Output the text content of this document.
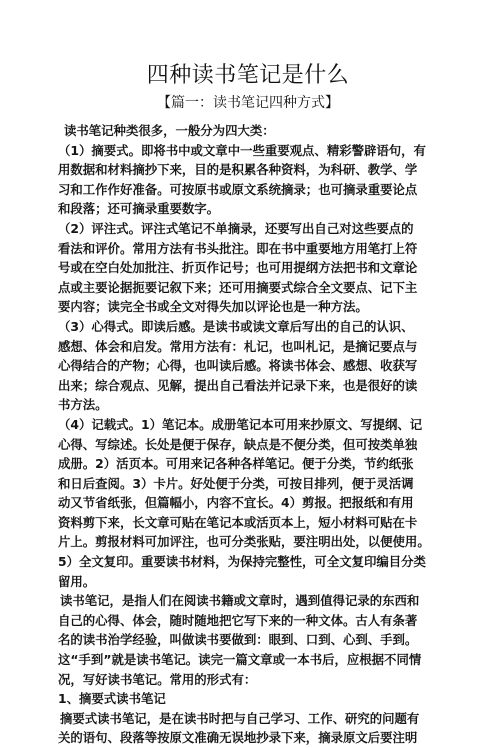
四种读书笔记是什么
【篇一：读书笔记四种方式】
读书笔记种类很多，一般分为四大类：
（1）摘要式。即将书中或文章中一些重要观点、精彩警辟语句，有
用数据和材料摘抄下来，目的是积累各种资料，为科研、教学、学
习和工作作好准备。可按原书或原文系统摘录；也可摘录重要论点
和段落；还可摘录重要数字。
（2）评注式。评注式笔记不单摘录，还要写出自己对这些要点的
看法和评价。常用方法有书头批注。即在书中重要地方用笔打上符
号或在空白处加批注、折页作记号；也可用提纲方法把书和文章论
点或主要论据扼要记叙下来；还可用摘要式综合全文要点、记下主
要内容；读完全书或全文对得失加以评论也是一种方法。
（3）心得式。即读后感。是读书或读文章后写出的自己的认识、
感想、体会和启发。常用方法有：札记，也叫札记，是摘记要点与
心得结合的产物；心得，也叫读后感。将读书体会、感想、收获写
出来；综合观点、见解，提出自己看法并记录下来，也是很好的读
书方法。
（4）记载式。1）笔记本。成册笔记本可用来抄原文、写提纲、记
心得、写综述。长处是便于保存，缺点是不便分类，但可按类单独
成册。2）活页本。可用来记各种各样笔记。便于分类，节约纸张
和日后查阅。3）卡片。好处便于分类，可按目排列，便于灵活调
动又节省纸张，但篇幅小，内容不宜长。4）剪报。把报纸和有用
资料剪下来，长文章可贴在笔记本或活页本上，短小材料可贴在卡
片上。剪报材料可加评注，也可分类张贴，要注明出处，以便使用。
5）全文复印。重要读书材料，为保持完整性，可全文复印编目分类
留用。
读书笔记，是指人们在阅读书籍或文章时，遇到值得记录的东西和
自己的心得、体会，随时随地把它写下来的一种文体。古人有条著
名的读书治学经验，叫做读书要做到：眼到、口到、心到、手到。
这“手到”就是读书笔记。读完一篇文章或一本书后，应根据不同情
况，写好读书笔记。常用的形式有：
1、摘要式读书笔记
摘要式读书笔记，是在读书时把与自己学习、工作、研究的问题有
关的语句、段落等按原文准确无误地抄录下来，摘录原文后要注明
